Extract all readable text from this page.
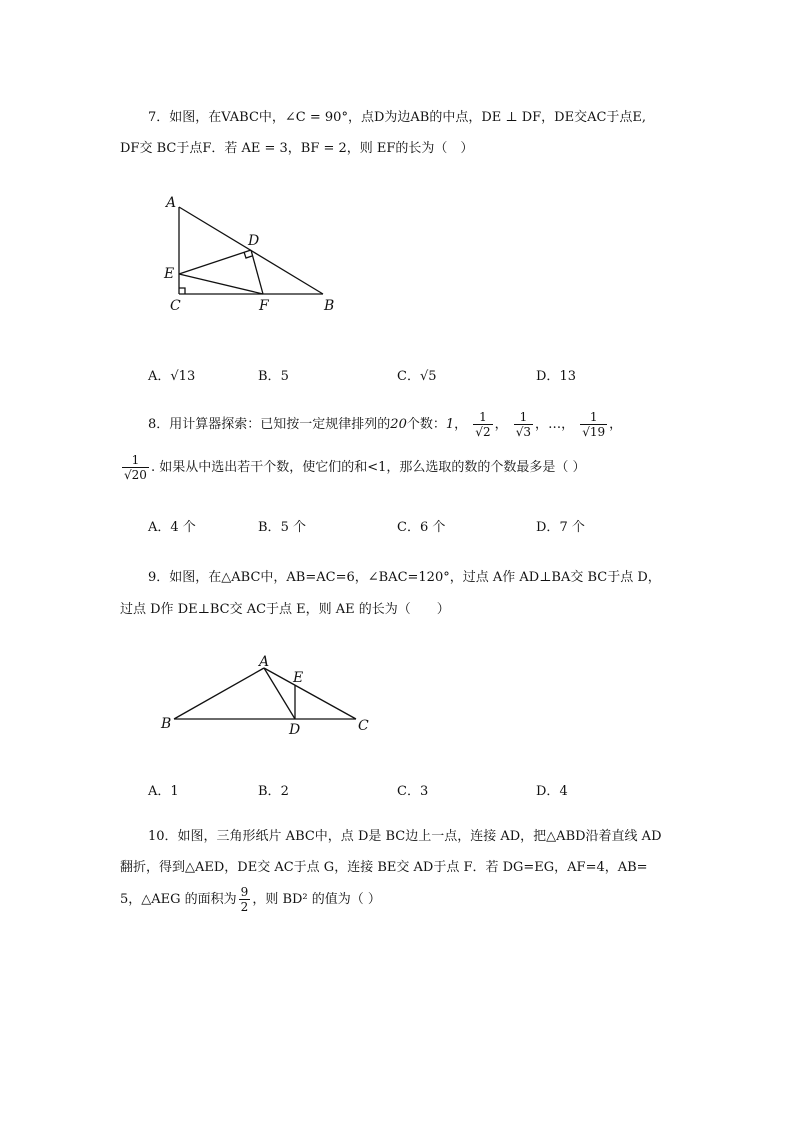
7．如图，在VABC中，∠C = 90°，点D为边AB的中点，DE ⊥ DF，DE交AC于点E,
DF交 BC于点F．若 AE = 3，BF = 2，则 EF的长为（　）
A
D
E
C	F	B
A．√13	B．5	C．√5	D．13
8．用计算器探索：已知按一定规律排列的20个数：1， $\frac{1}{√2}$ ， $\frac{1}{√3}$ ，…， $\frac{1}{√19}$ ，
$\frac{1}{√20}$ . 如果从中选出若干个数，使它们的和<1，那么选取的数的个数最多是（ ）
A．4 个	B．5 个	C．6 个	D．7 个
9．如图，在△ABC中，AB=AC=6，∠BAC=120°，过点 A作 AD⊥BA交 BC于点 D，
过点 D作 DE⊥BC交 AC于点 E，则 AE 的长为（　　）
A
E
B	D	C
A．1	B．2	C．3	D．4
10．如图，三角形纸片 ABC中，点 D是 BC边上一点，连接 AD，把△ABD沿着直线 AD
翻折，得到△AED，DE交 AC于点 G，连接 BE交 AD于点 F．若 DG=EG，AF=4，AB=
5，△AEG 的面积为 $\frac{9}{2}$ ，则 BD² 的值为（ ）
